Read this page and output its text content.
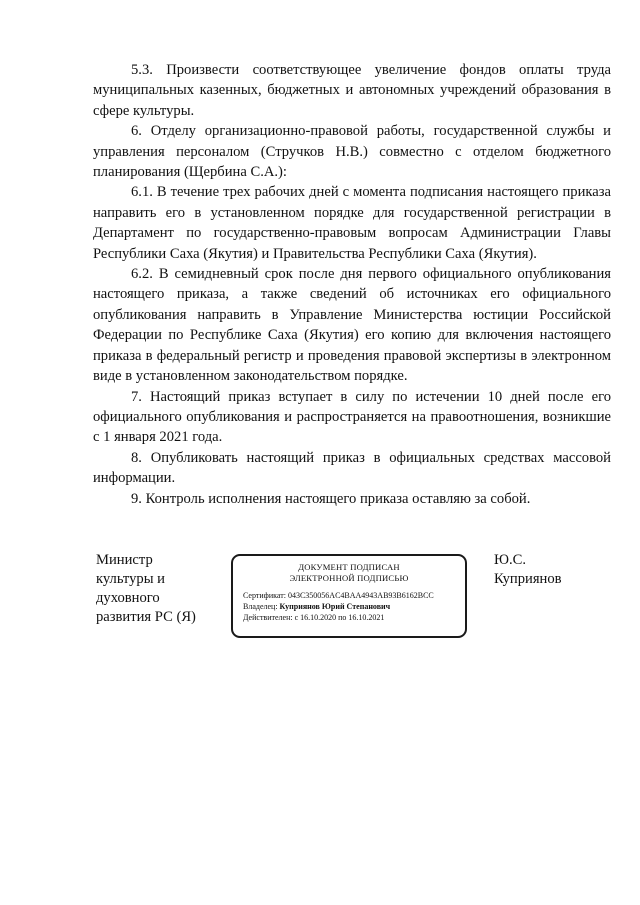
5.3. Произвести соответствующее увеличение фондов оплаты труда муниципальных казенных, бюджетных и автономных учреждений образования в сфере культуры.

6. Отделу организационно-правовой работы, государственной службы и управления персоналом (Стручков Н.В.) совместно с отделом бюджетного планирования (Щербина С.А.):

6.1. В течение трех рабочих дней с момента подписания настоящего приказа направить его в установленном порядке для государственной регистрации в Департамент по государственно-правовым вопросам Администрации Главы Республики Саха (Якутия) и Правительства Республики Саха (Якутия).

6.2. В семидневный срок после дня первого официального опубликования настоящего приказа, а также сведений об источниках его официального опубликования направить в Управление Министерства юстиции Российской Федерации по Республике Саха (Якутия) его копию для включения настоящего приказа в федеральный регистр и проведения правовой экспертизы в электронном виде в установленном законодательством порядке.

7. Настоящий приказ вступает в силу по истечении 10 дней после его официального опубликования и распространяется на правоотношения, возникшие с 1 января 2021 года.

8. Опубликовать настоящий приказ в официальных средствах массовой информации.

9. Контроль исполнения настоящего приказа оставляю за собой.

Министр
культуры и
духовного
развития РС (Я)
ДОКУМЕНТ ПОДПИСАН
ЭЛЕКТРОННОЙ ПОДПИСЬЮ
Сертификат: 043C350056AC4BAA4943AB93B6162BCC
Владелец: Куприянов Юрий Степанович
Действителен: с 16.10.2020 по 16.10.2021
Ю.С.
Куприянов
